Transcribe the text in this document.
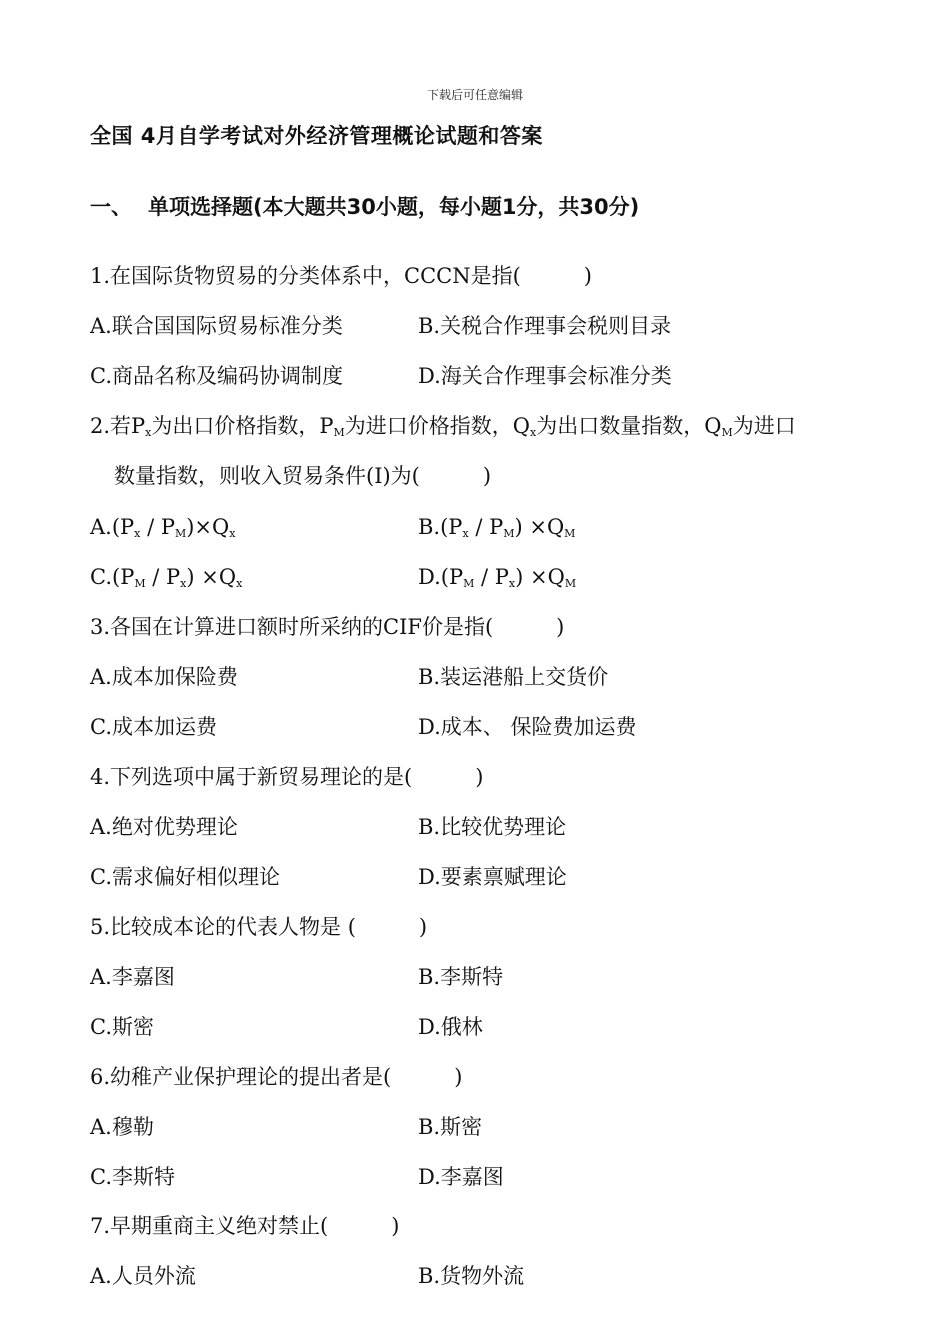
下载后可任意编辑
全国 4月自学考试对外经济管理概论试题和答案
一、 单项选择题(本大题共30小题，每小题1分，共30分)
1.在国际货物贸易的分类体系中，CCCN是指(　　　)
A.联合国国际贸易标准分类	B.关税合作理事会税则目录
C.商品名称及编码协调制度	D.海关合作理事会标准分类
2.若$P_x$为出口价格指数，$P_M$为进口价格指数，$Q_x$为出口数量指数，$Q_M$为进口
数量指数，则收入贸易条件(I)为(　　　)
$A.(P_x / P_M)\times Q_x$	$B.(P_x / P_M) \times Q_M$
$C.(P_M / P_x) \times Q_x$	$D.(P_M / P_x) \times Q_M$
3.各国在计算进口额时所采纳的CIF价是指(　　　)
A.成本加保险费	B.装运港船上交货价
C.成本加运费	D.成本、 保险费加运费
4.下列选项中属于新贸易理论的是(　　　)
A.绝对优势理论	B.比较优势理论
C.需求偏好相似理论	D.要素禀赋理论
5.比较成本论的代表人物是 (　　　)
A.李嘉图	B.李斯特
C.斯密	D.俄林
6.幼稚产业保护理论的提出者是(　　　)
A.穆勒	B.斯密
C.李斯特	D.李嘉图
7.早期重商主义绝对禁止(　　　)
A.人员外流	B.货物外流
